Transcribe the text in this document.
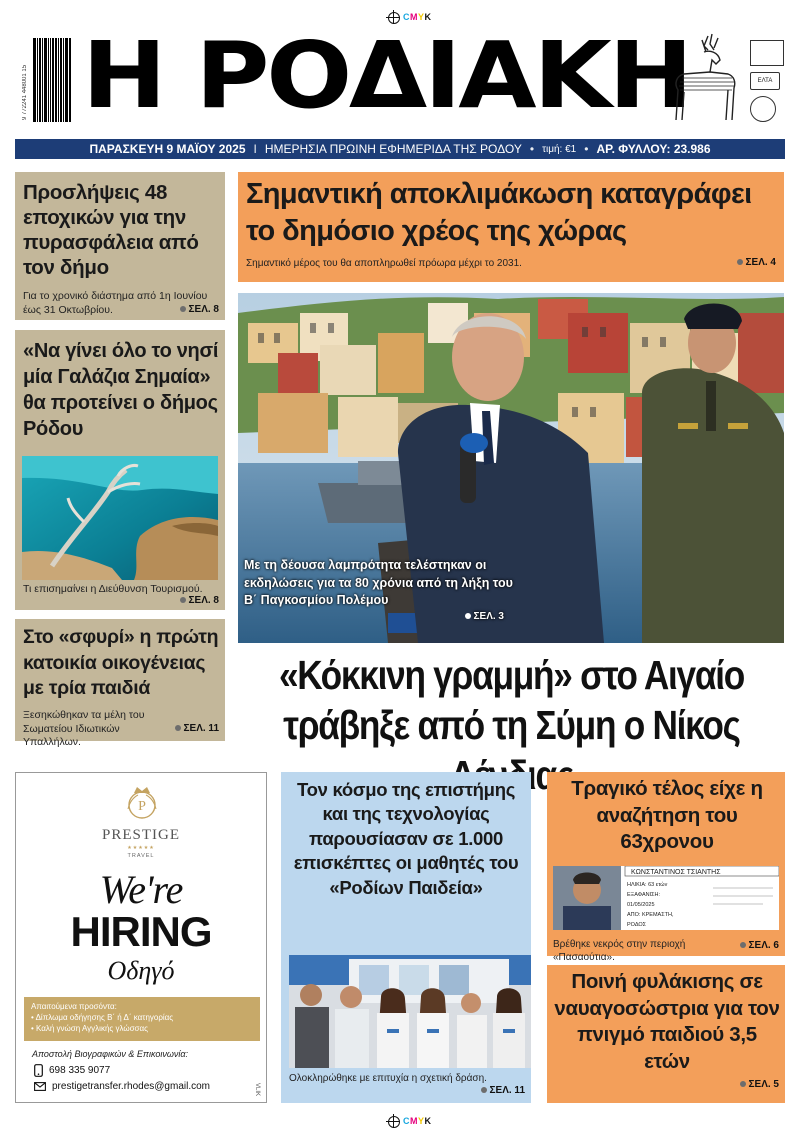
CMYK
9 772241 448001 15 Η ΡΟΔΙΑΚΗ	ΕΛΤΑ
ΠΑΡΑΣΚΕΥΗ 9 ΜΑΪΟΥ 2025 I ΗΜΕΡΗΣΙΑ ΠΡΩΙΝΗ ΕΦΗΜΕΡΙΔΑ ΤΗΣ ΡΟΔΟΥ • τιμή: €1 • ΑΡ. ΦΥΛΛΟΥ: 23.986
Προσλήψεις 48 εποχικών για την πυρασφάλεια από τον δήμο
Για το χρονικό διάστημα από 1η Ιουνίου έως 31 Οκτωβρίου.	ΣΕΛ. 8
«Να γίνει όλο το νησί μία Γαλάζια Σημαία» θα προτείνει ο δήμος Ρόδου
Τι επισημαίνει η Διεύθυνση Τουρισμού.
ΣΕΛ. 8
Στο «σφυρί» η πρώτη κατοικία οικογένειας με τρία παιδιά
Ξεσηκώθηκαν τα μέλη του Σωματείου Ιδιωτικών Υπαλλήλων.
ΣΕΛ. 11
Σημαντική αποκλιμάκωση καταγράφει το δημόσιο χρέος της χώρας
Σημαντικό μέρος του θα αποπληρωθεί πρόωρα μέχρι το 2031.	ΣΕΛ. 4
Με τη δέουσα λαμπρότητα τελέστηκαν οι εκδηλώσεις για τα 80 χρόνια από τη λήξη του Β΄ Παγκοσμίου Πολέμου

ΣΕΛ. 3
«Κόκκινη γραμμή» στο Αιγαίο
τράβηξε από τη Σύμη ο Νίκος
P
PRESTIGE
★★★★★
TRAVEL
We're
HIRING
Οδηγό
Απαιτούμενα προσόντα:
• Δίπλωμα οδήγησης Β΄ ή Δ΄ κατηγορίας
• Καλή γνώση Αγγλικής γλώσσας
Αποστολή Βιογραφικών & Επικοινωνία:
698 335 9077
prestigetransfer.rhodes@gmail.com	VLIK
Τον κόσμο της επιστήμης και της τεχνολογίας παρουσίασαν σε 1.000 επισκέπτες οι μαθητές του «Ροδίων Παιδεία»
Ολοκληρώθηκε με επιτυχία η σχετική δράση.
ΣΕΛ. 11
Τραγικό τέλος είχε η αναζήτηση του 63χρονου
Βρέθηκε νεκρός στην περιοχή «Πασαούτια».
ΣΕΛ. 6
ΚΩΝΣΤΑΝΤΙΝΟΣ ΤΣΙΑΝΤΗΣ
ΗΛΙΚΙΑ: 63 ετών
ΕΞΑΦΑΝΙΣΗ:
01/05/2025
ΑΠΟ: ΚΡΕΜΑΣΤΗ,
ΡΟΔΟΣ
Ποινή φυλάκισης σε ναυαγοσώστρια για τον πνιγμό παιδιού 3,5 ετών
ΣΕΛ. 5
CMYK
